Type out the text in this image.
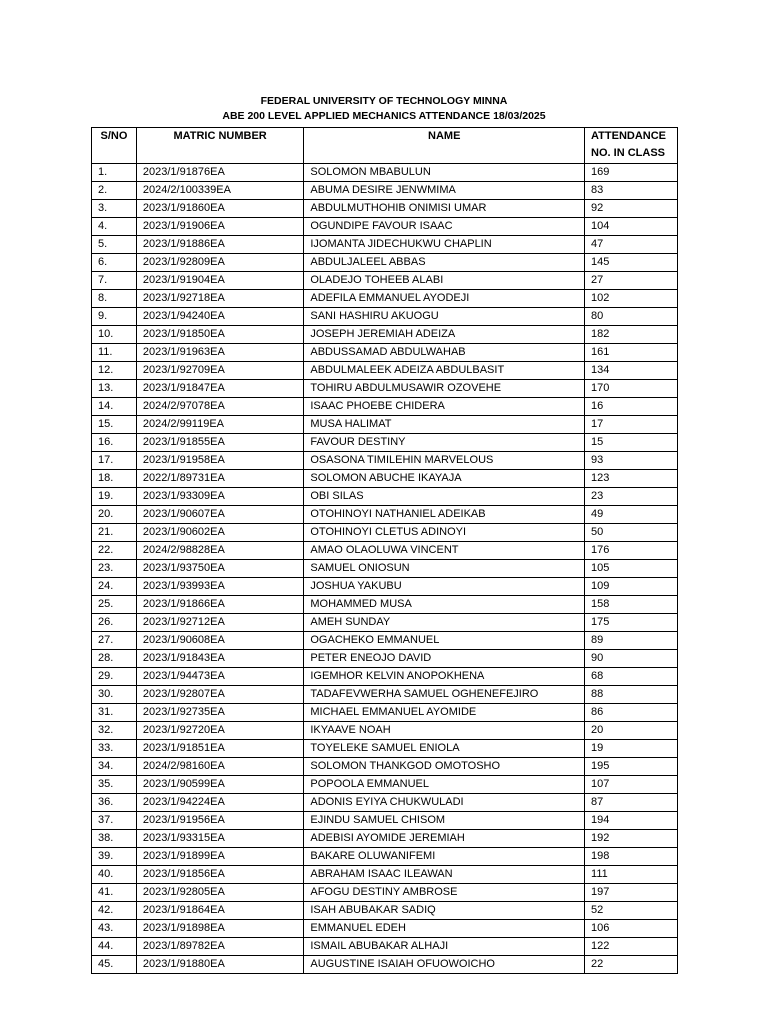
FEDERAL UNIVERSITY OF TECHNOLOGY MINNA
ABE 200 LEVEL APPLIED MECHANICS ATTENDANCE 18/03/2025
S/NO	MATRIC NUMBER	NAME	ATTENDANCE
NO. IN CLASS

1.	2023/1/91876EA	SOLOMON MBABULUN	169
2.	2024/2/100339EA	ABUMA DESIRE JENWMIMA	83
3.	2023/1/91860EA	ABDULMUTHOHIB ONIMISI UMAR	92
4.	2023/1/91906EA	OGUNDIPE FAVOUR ISAAC	104
5.	2023/1/91886EA	IJOMANTA JIDECHUKWU CHAPLIN	47
6.	2023/1/92809EA	ABDULJALEEL ABBAS	145
7.	2023/1/91904EA	OLADEJO TOHEEB ALABI	27
8.	2023/1/92718EA	ADEFILA EMMANUEL AYODEJI	102
9.	2023/1/94240EA	SANI HASHIRU AKUOGU	80
10.	2023/1/91850EA	JOSEPH JEREMIAH ADEIZA	182
11.	2023/1/91963EA	ABDUSSAMAD ABDULWAHAB	161
12.	2023/1/92709EA	ABDULMALEEK ADEIZA ABDULBASIT	134
13.	2023/1/91847EA	TOHIRU ABDULMUSAWIR OZOVEHE	170
14.	2024/2/97078EA	ISAAC PHOEBE CHIDERA	16
15.	2024/2/99119EA	MUSA HALIMAT	17
16.	2023/1/91855EA	FAVOUR DESTINY	15
17.	2023/1/91958EA	OSASONA TIMILEHIN MARVELOUS	93
18.	2022/1/89731EA	SOLOMON ABUCHE IKAYAJA	123
19.	2023/1/93309EA	OBI SILAS	23
20.	2023/1/90607EA	OTOHINOYI NATHANIEL ADEIKAB	49
21.	2023/1/90602EA	OTOHINOYI CLETUS ADINOYI	50
22.	2024/2/98828EA	AMAO OLAOLUWA VINCENT	176
23.	2023/1/93750EA	SAMUEL ONIOSUN	105
24.	2023/1/93993EA	JOSHUA YAKUBU	109
25.	2023/1/91866EA	MOHAMMED MUSA	158
26.	2023/1/92712EA	AMEH SUNDAY	175
27.	2023/1/90608EA	OGACHEKO EMMANUEL	89
28.	2023/1/91843EA	PETER ENEOJO DAVID	90
29.	2023/1/94473EA	IGEMHOR KELVIN ANOPOKHENA	68
30.	2023/1/92807EA	TADAFEVWERHA SAMUEL OGHENEFEJIRO	88
31.	2023/1/92735EA	MICHAEL EMMANUEL AYOMIDE	86
32.	2023/1/92720EA	IKYAAVE NOAH	20
33.	2023/1/91851EA	TOYELEKE SAMUEL ENIOLA	19
34.	2024/2/98160EA	SOLOMON THANKGOD OMOTOSHO	195
35.	2023/1/90599EA	POPOOLA EMMANUEL	107
36.	2023/1/94224EA	ADONIS EYIYA CHUKWULADI	87
37.	2023/1/91956EA	EJINDU SAMUEL CHISOM	194
38.	2023/1/93315EA	ADEBISI AYOMIDE JEREMIAH	192
39.	2023/1/91899EA	BAKARE OLUWANIFEMI	198
40.	2023/1/91856EA	ABRAHAM ISAAC ILEAWAN	111
41.	2023/1/92805EA	AFOGU DESTINY AMBROSE	197
42.	2023/1/91864EA	ISAH ABUBAKAR SADIQ	52
43.	2023/1/91898EA	EMMANUEL EDEH	106
44.	2023/1/89782EA	ISMAIL ABUBAKAR ALHAJI	122
45.	2023/1/91880EA	AUGUSTINE ISAIAH OFUOWOICHO	22
